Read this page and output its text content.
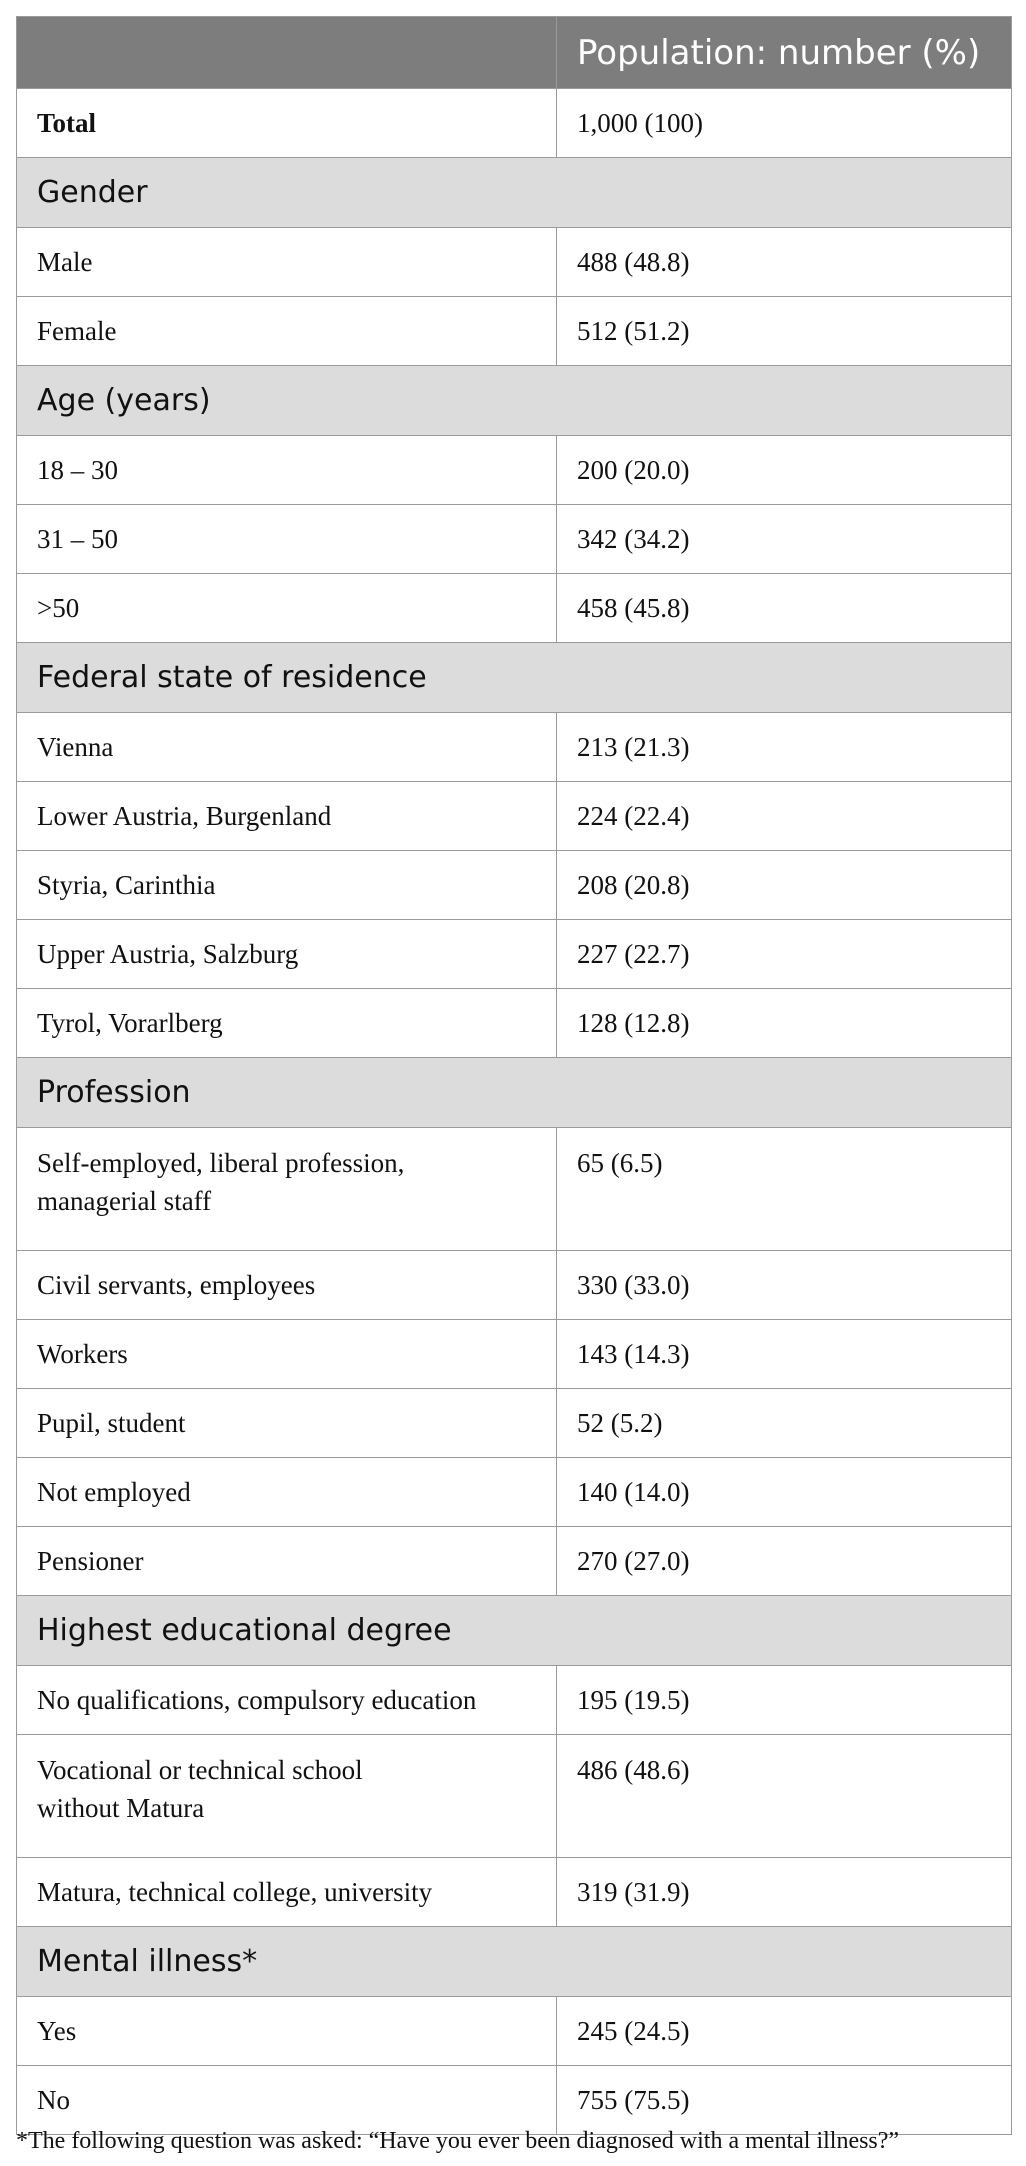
	Population: number (%)
Total	1,000 (100)
Gender	
Male	488 (48.8)
Female	512 (51.2)
Age (years)	
18 – 30	200 (20.0)
31 – 50	342 (34.2)
>50	458 (45.8)
Federal state of residence	
Vienna	213 (21.3)
Lower Austria, Burgenland	224 (22.4)
Styria, Carinthia	208 (20.8)
Upper Austria, Salzburg	227 (22.7)
Tyrol, Vorarlberg	128 (12.8)
Profession	
Self-employed, liberal profession,
managerial staff	65 (6.5)
Civil servants, employees	330 (33.0)
Workers	143 (14.3)
Pupil, student	52 (5.2)
Not employed	140 (14.0)
Pensioner	270 (27.0)
Highest educational degree	
No qualifications, compulsory education	195 (19.5)
Vocational or technical school
without Matura	486 (48.6)
Matura, technical college, university	319 (31.9)
Mental illness*	
Yes	245 (24.5)
No	755 (75.5)
*The following question was asked: “Have you ever been diagnosed with a mental illness?”
